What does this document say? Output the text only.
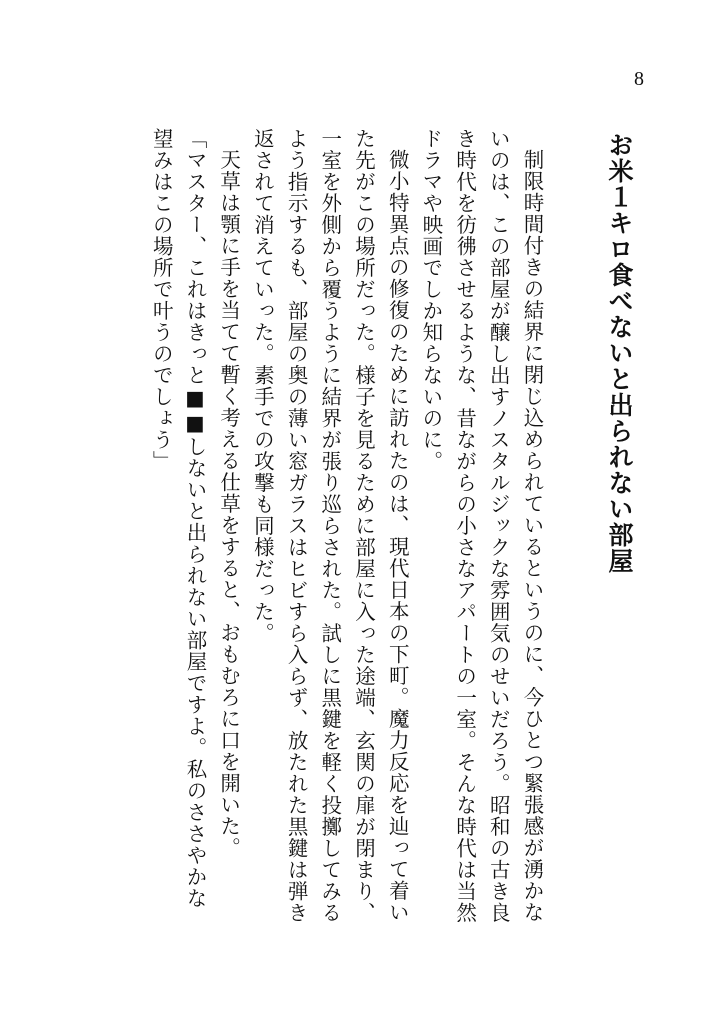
8
お米１キロ食べないと出られない部屋

制限時間付きの結界に閉じ込められているというのに、今ひとつ緊張感が湧かないのは、この部屋が醸し出すノスタルジックな雰囲気のせいだろう。昭和の古き良き時代を彷彿させるような、昔ながらの小さなアパートの一室。そんな時代は当然ドラマや映画でしか知らないのに。

微小特異点の修復のために訪れたのは、現代日本の下町。魔力反応を辿って着いた先がこの場所だった。様子を見るために部屋に入った途端、玄関の扉が閉まり、一室を外側から覆うように結界が張り巡らされた。試しに黒鍵を軽く投擲してみるよう指示するも、部屋の奥の薄い窓ガラスはヒビすら入らず、放たれた黒鍵は弾き返されて消えていった。素手での攻撃も同様だった。

天草は顎に手を当てて暫く考える仕草をすると、おもむろに口を開いた。

「マスター、これはきっと■■しないと出られない部屋ですよ。私のささやかな望みはこの場所で叶うのでしょう」
